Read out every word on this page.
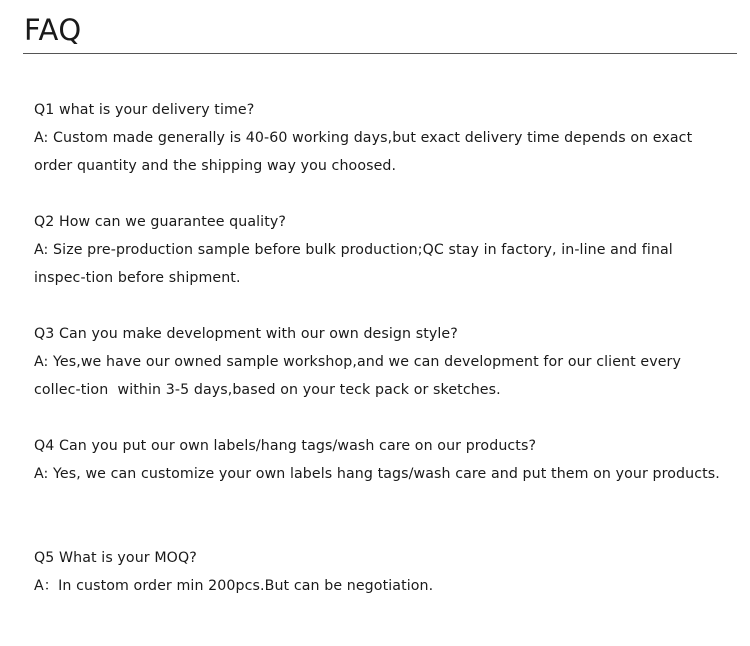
FAQ
Q1 what is your delivery time?
A: Custom made generally is 40-60 working days,but exact delivery time depends on exact order quantity and the shipping way you choosed.
Q2 How can we guarantee quality?
A: Size pre-production sample before bulk production;QC stay in factory, in-line and final inspec-tion before shipment.
Q3 Can you make development with our own design style?
A: Yes,we have our owned sample workshop,and we can development for our client every collec-tion  within 3-5 days,based on your teck pack or sketches.
Q4 Can you put our own labels/hang tags/wash care on our products?
A: Yes, we can customize your own labels hang tags/wash care and put them on your products.
Q5 What is your MOQ?
A：In custom order min 200pcs.But can be negotiation.
